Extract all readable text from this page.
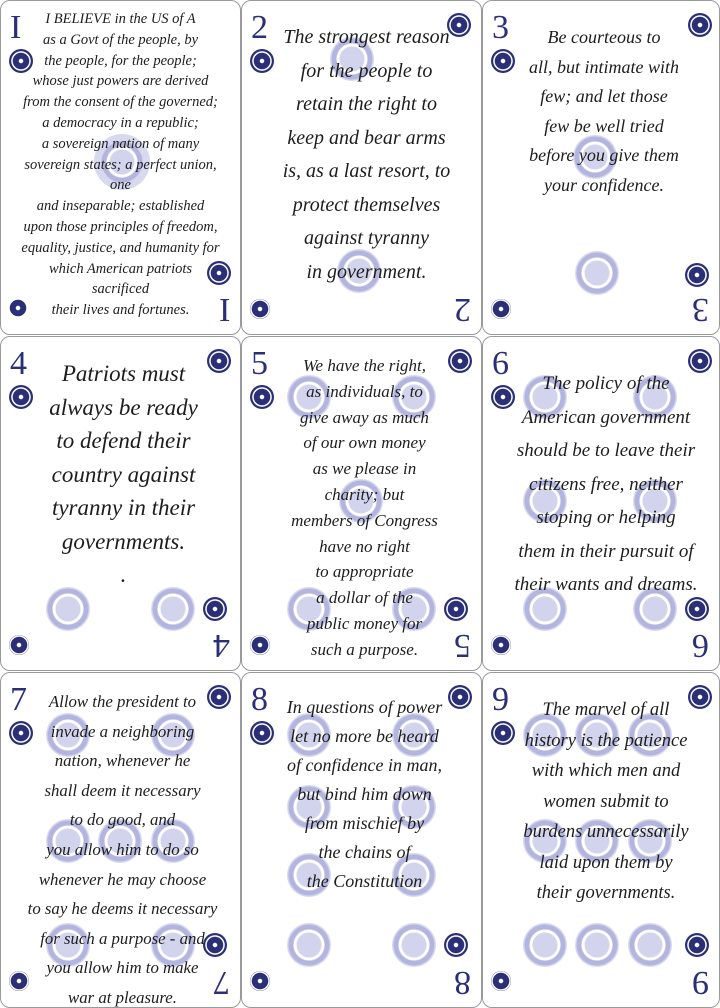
I	I BELIEVE in the US of A
as a Govt of the people, by
the people, for the people;
whose just powers are derived
from the consent of the governed;
a democracy in a republic;
a sovereign nation of many
sovereign states; a perfect union, one
and inseparable; established
upon those principles of freedom,
equality, justice, and humanity for
which American patriots sacrificed
their lives and fortunes. I
2 The strongest reason
for the people to
retain the right to
keep and bear arms
is, as a last resort, to
protect themselves
against tyranny
in government.
2
3	Be courteous to
all, but intimate with
few; and let those
few be well tried
before you give them
your confidence.
3
4	Patriots must
always be ready
to defend their
country against
tyranny in their
governments.
.
4
5	We have the right,
as individuals, to
give away as much
of our own money
as we please in
charity; but
members of Congress
have no right
to appropriate
a dollar of the
public money for
such a purpose.	5
6
The policy of the
American government
should be to leave their
citizens free, neither
stoping or helping
them in their pursuit of
their wants and dreams.
6
7	Allow the president to
invade a neighboring
nation, whenever he
shall deem it necessary
to do good, and
you allow him to do so
whenever he may choose
to say he deems it necessary
for such a purpose - and
you allow him to make
war at pleasure.	7
8	In questions of power
let no more be heard
of confidence in man,
but bind him down
from mischief by
the chains of
the Constitution
8
9	The marvel of all
history is the patience
with which men and
women submit to
burdens unnecessarily
laid upon them by
their governments.
9
